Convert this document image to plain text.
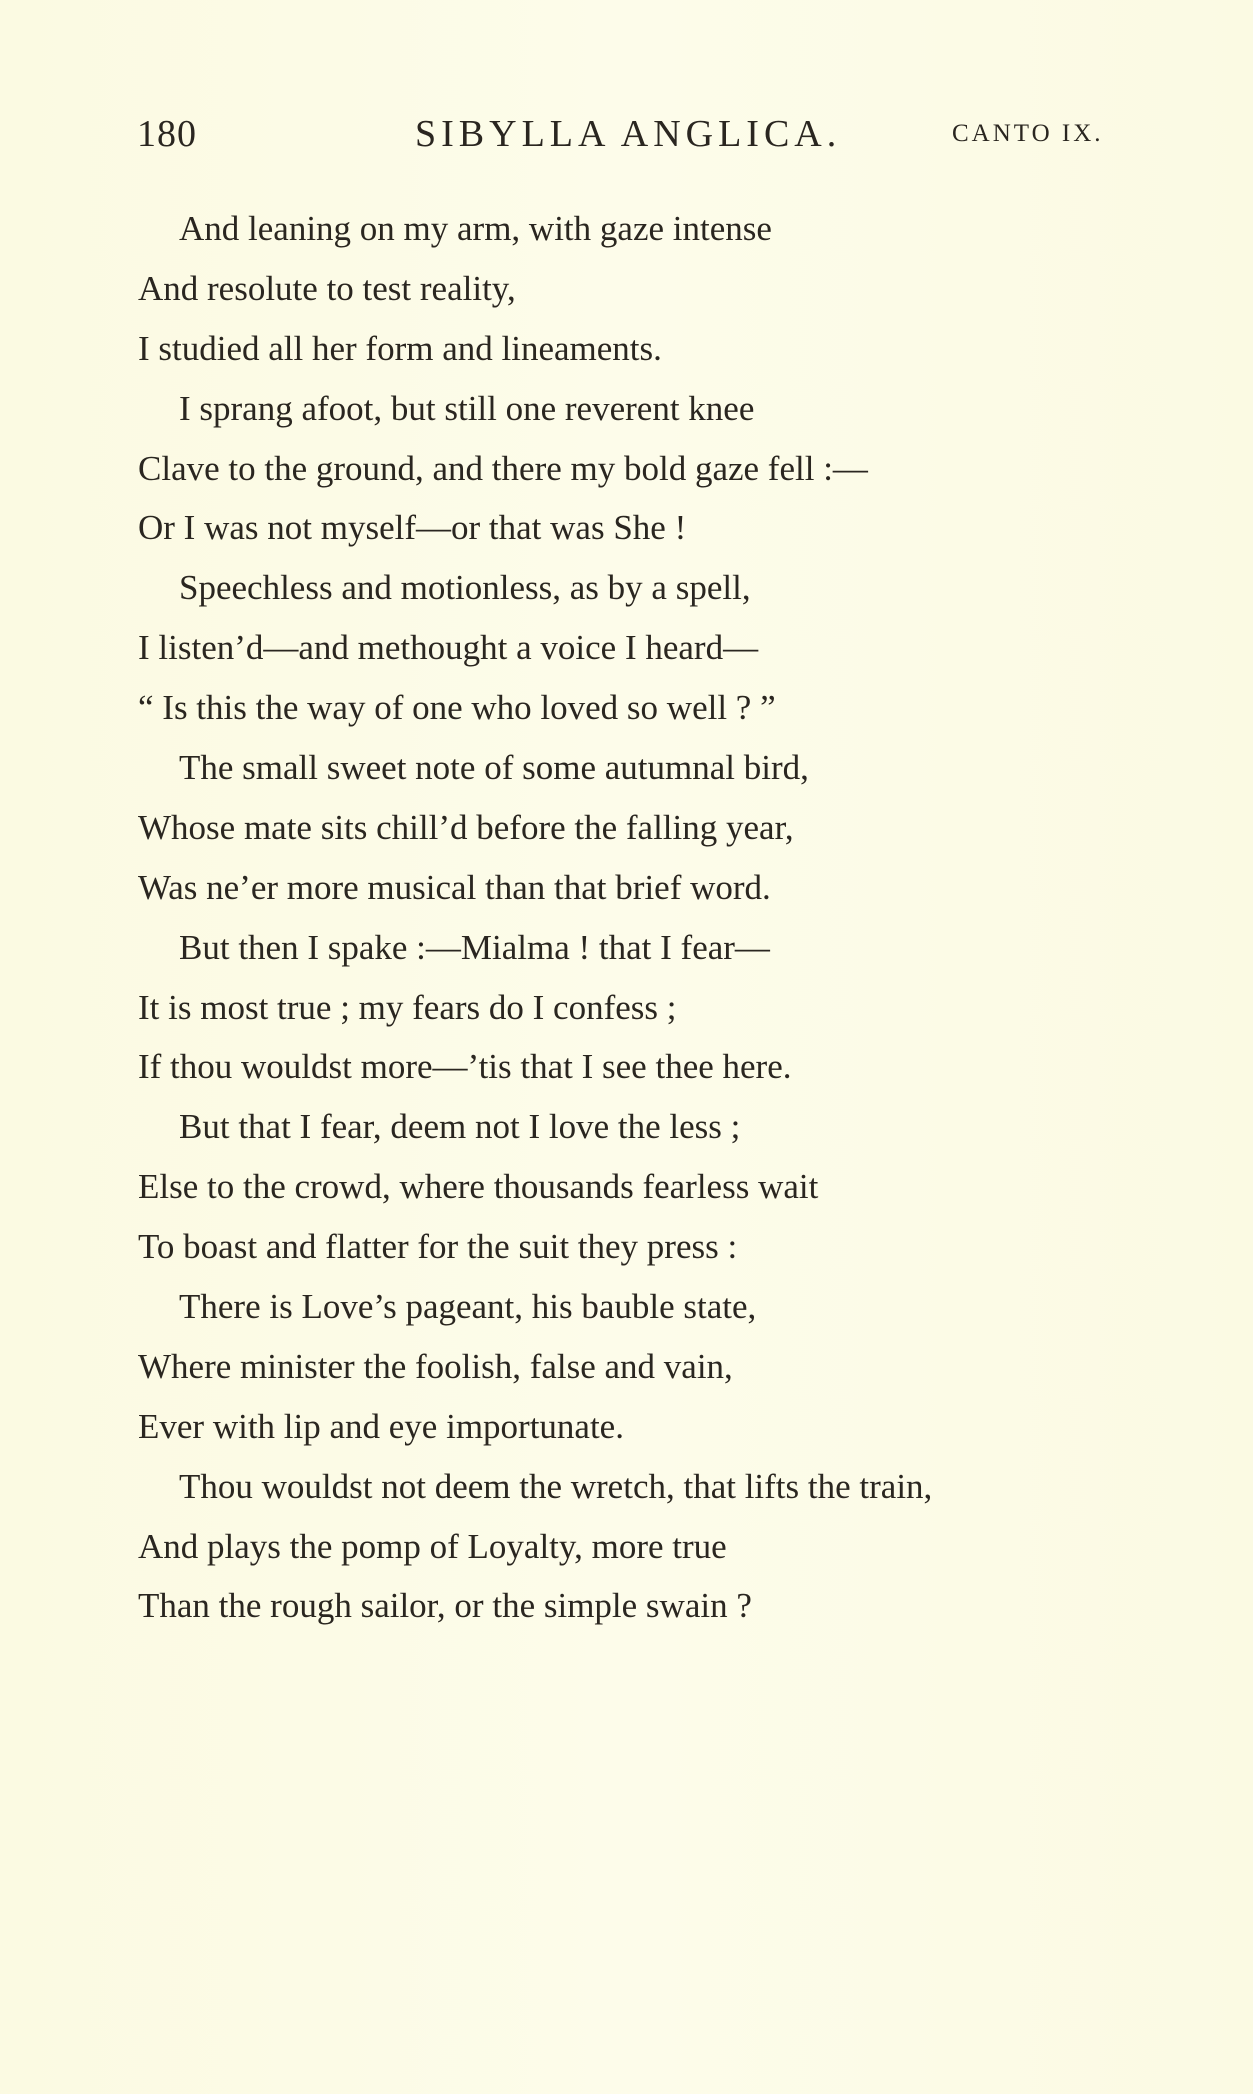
180	SIBYLLA ANGLICA.	CANTO IX.
And leaning on my arm, with gaze intense
And resolute to test reality,
I studied all her form and lineaments.
I sprang afoot, but still one reverent knee
Clave to the ground, and there my bold gaze fell :—
Or I was not myself—or that was She !
Speechless and motionless, as by a spell,
I listen’d—and methought a voice I heard—
“ Is this the way of one who loved so well ? ”
The small sweet note of some autumnal bird,
Whose mate sits chill’d before the falling year,
Was ne’er more musical than that brief word.
But then I spake :—Mialma ! that I fear—
It is most true ; my fears do I confess ;
If thou wouldst more—’tis that I see thee here.
But that I fear, deem not I love the less ;
Else to the crowd, where thousands fearless wait
To boast and flatter for the suit they press :
There is Love’s pageant, his bauble state,
Where minister the foolish, false and vain,
Ever with lip and eye importunate.
Thou wouldst not deem the wretch, that lifts the train,
And plays the pomp of Loyalty, more true
Than the rough sailor, or the simple swain ?
